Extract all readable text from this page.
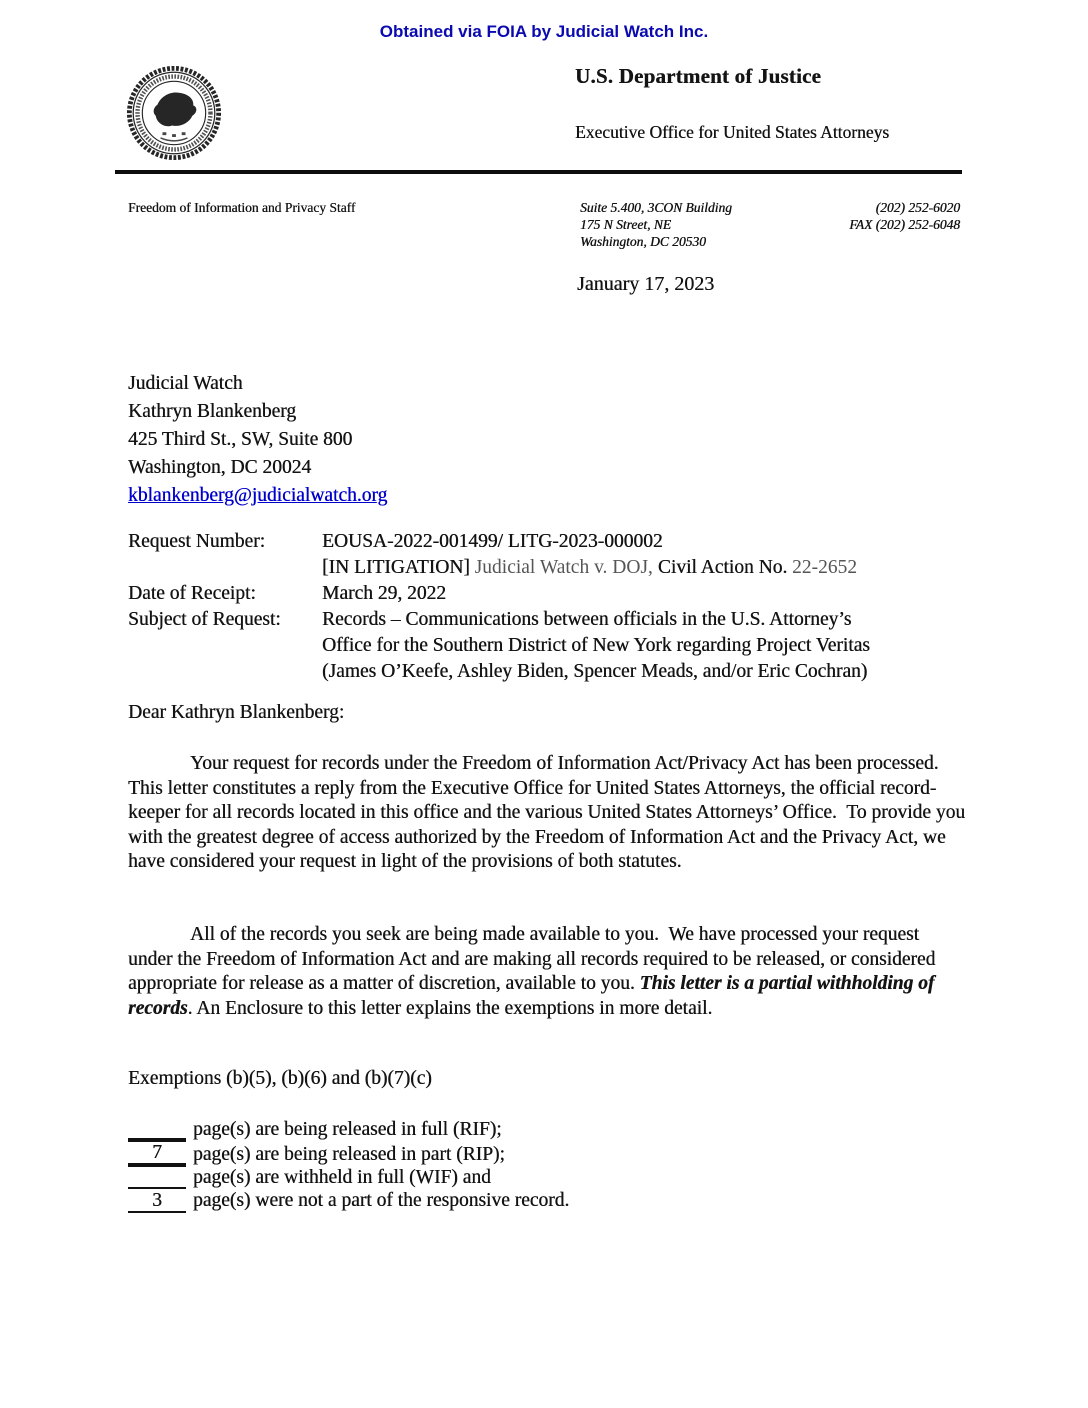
Obtained via FOIA by Judicial Watch Inc.
U.S. Department of Justice
Executive Office for United States Attorneys
Freedom of Information and Privacy Staff	Suite 5.400, 3CON Building
175 N Street, NE
Washington, DC 20530
(202) 252-6020
FAX (202) 252-6048
January 17, 2023
Judicial Watch
Kathryn Blankenberg
425 Third St., SW, Suite 800
Washington, DC 20024
kblankenberg@judicialwatch.org
Request Number:	EOUSA-2022-001499/ LITG-2023-000002
[IN LITIGATION] Judicial Watch v. DOJ, Civil Action No. 22-2652
Date of Receipt:	March 29, 2022
Subject of Request:	Records – Communications between officials in the U.S. Attorney’s
Office for the Southern District of New York regarding Project Veritas
(James O’Keefe, Ashley Biden, Spencer Meads, and/or Eric Cochran)
Dear Kathryn Blankenberg:
Your request for records under the Freedom of Information Act/Privacy Act has been processed.  This letter constitutes a reply from the Executive Office for United States Attorneys, the official record-keeper for all records located in this office and the various United States Attorneys’ Office.  To provide you with the greatest degree of access authorized by the Freedom of Information Act and the Privacy Act, we have considered your request in light of the provisions of both statutes.
All of the records you seek are being made available to you.  We have processed your request under the Freedom of Information Act and are making all records required to be released, or considered appropriate for release as a matter of discretion, available to you. This letter is a partial withholding of records. An Enclosure to this letter explains the exemptions in more detail.
Exemptions (b)(5), (b)(6) and (b)(7)(c)
page(s) are being released in full (RIF);
7 page(s) are being released in part (RIP);
page(s) are withheld in full (WIF) and
3 page(s) were not a part of the responsive record.
